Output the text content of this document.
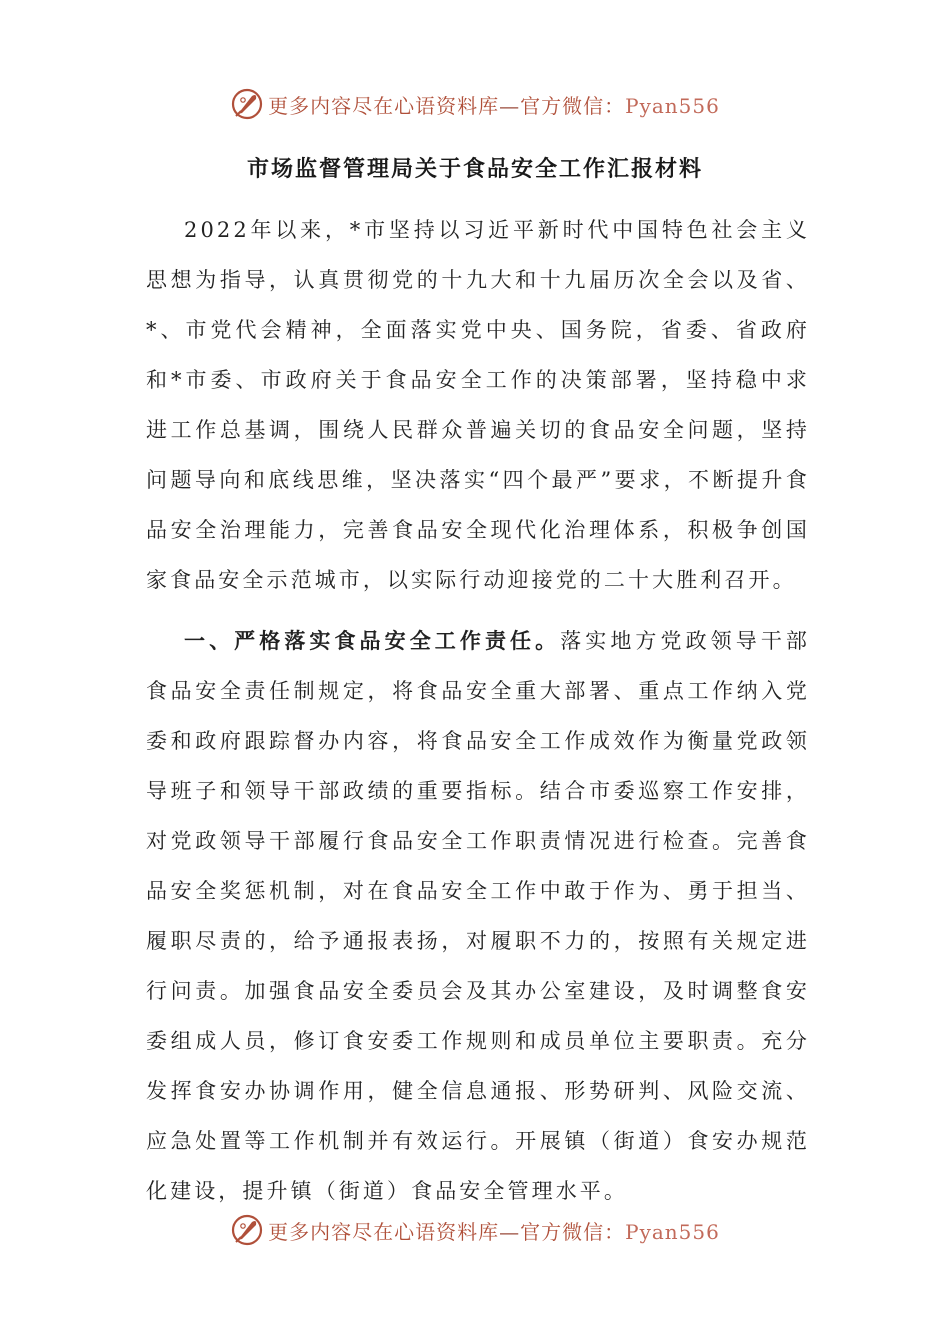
更多内容尽在心语资料库—官方微信：Pyan556
市场监督管理局关于食品安全工作汇报材料
2022年以来，*市坚持以习近平新时代中国特色社会主义思想为指导，认真贯彻党的十九大和十九届历次全会以及省、*、市党代会精神，全面落实党中央、国务院，省委、省政府和*市委、市政府关于食品安全工作的决策部署，坚持稳中求进工作总基调，围绕人民群众普遍关切的食品安全问题，坚持问题导向和底线思维，坚决落实“四个最严”要求，不断提升食品安全治理能力，完善食品安全现代化治理体系，积极争创国家食品安全示范城市，以实际行动迎接党的二十大胜利召开。
一、严格落实食品安全工作责任。落实地方党政领导干部食品安全责任制规定，将食品安全重大部署、重点工作纳入党委和政府跟踪督办内容，将食品安全工作成效作为衡量党政领导班子和领导干部政绩的重要指标。结合市委巡察工作安排，对党政领导干部履行食品安全工作职责情况进行检查。完善食品安全奖惩机制，对在食品安全工作中敢于作为、勇于担当、履职尽责的，给予通报表扬，对履职不力的，按照有关规定进行问责。加强食品安全委员会及其办公室建设，及时调整食安委组成人员，修订食安委工作规则和成员单位主要职责。充分发挥食安办协调作用，健全信息通报、形势研判、风险交流、应急处置等工作机制并有效运行。开展镇（街道）食安办规范化建设，提升镇（街道）食品安全管理水平。
更多内容尽在心语资料库—官方微信：Pyan556
